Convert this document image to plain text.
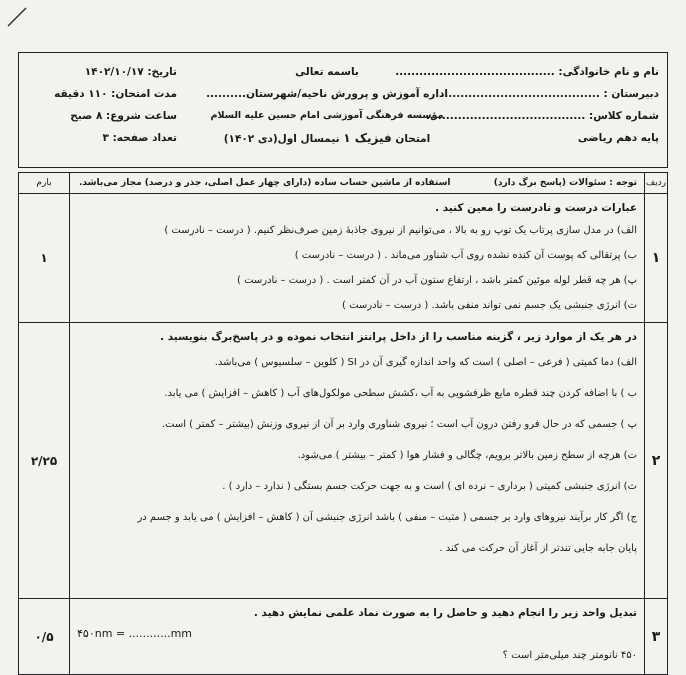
نام و نام خانوادگی: ........................................
دبیرستان : ........................................
شماره کلاس: ........................................
پایه دهم ریاضی
باسمه تعالی
اداره آموزش و پرورش ناحیه/شهرستان..........
مؤسسه فرهنگی آموزشی امام حسین علیه السلام
امتحان فیزیک ۱ نیمسال اول(دی ۱۴۰۲)
تاریخ: ۱۴۰۲/۱۰/۱۷
مدت امتحان: ۱۱۰ دقیقه
ساعت شروع: ۸ صبح
تعداد صفحه: ۳
ردیف
توجه : سئوالات (پاسخ برگ دارد)
استفاده از ماشین حساب ساده (دارای چهار عمل اصلی، جذر و درصد) مجاز می‌باشد.
بارم
۱
عبارات درست و نادرست را معین کنید .
الف) در مدل سازی پرتاب یک توپ رو به بالا ، می‌توانیم از نیروی جاذبهٔ زمین صرف‌نظر کنیم. ( درست – نادرست )
ب) پرتقالی که پوست آن کنده نشده روی آب شناور می‌ماند . ( درست – نادرست )
پ) هر چه قطر لوله موئین کمتر باشد ، ارتفاع ستون آب در آن کمتر است . ( درست – نادرست )
ت) انرژی جنبشی یک جسم نمی تواند منفی باشد. ( درست – نادرست )
۱
۲
در هر یک از موارد زیر ، گزینه مناسب را از داخل پرانتز انتخاب نموده و در پاسخ‌برگ بنویسید .
الف) دما کمیتی ( فرعی – اصلی ) است که واحد اندازه گیری آن در SI ( کلوین – سلسیوس ) می‌باشد.
ب ) با اضافه کردن چند قطره مایع ظرفشویی به آب ،کشش سطحی مولکول‌های آب ( کاهش – افزایش ) می یابد.
پ ) جسمی که در حال فرو رفتن درون آب است ؛ نیروی شناوری وارد بر آن از نیروی وزنش (بیشتر – کمتر ) است.
ت) هرچه از سطح زمین بالاتر برویم، چگالی و فشار هوا ( کمتر – بیشتر ) می‌شود.
ث) انرژی جنبشی کمیتی ( برداری – نرده ای ) است و به جهت حرکت جسم بستگی ( ندارد – دارد ) .
ج) اگر کار برآیند نیروهای وارد بر جسمی ( مثبت – منفی ) باشد انرژی جنبشی آن ( کاهش – افزایش ) می یابد و جسم در
پایان جابه جایی تندتر از آغاز آن حرکت می کند .
۲/۲۵
۳
تبدیل واحد زیر را انجام دهید و حاصل را به صورت نماد علمی نمایش دهید .
۴۵۰nm = ............mm
۴۵۰ نانومتر چند میلی‌متر است ؟
۰/۵
